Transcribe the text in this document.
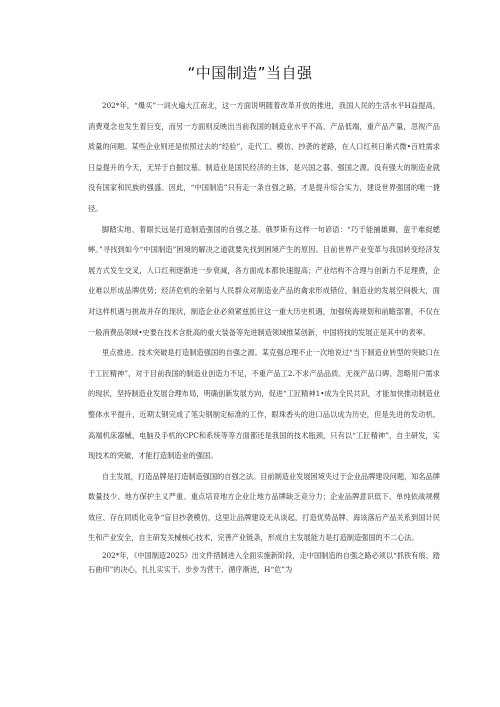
“中国制造”当自强

202*年，“爆买”一词火遍大江南北，这一方面说明随着改革开放的推进，我国人民的生活水平H益提高，消费观念也发生着巨变，而另一方面则反映出当前我国的制造业水平不高、产品低端，重产品产量，忽视产品质量的问题。某些企业则还是依照过去的“经验”，走代工、模仿、抄袭的老路，在人口红利日渐式微•百姓需求日益提升的今天，无异于自掘坟墓。制造业是国民经济的主体，是兴国之器、强国之源。没有强大的制造业就没有国家和民族的强盛。因此，“中国制造”只有走一条自强之路，才是提升综合实力，建设世界强国的唯一捷径。

脚踏实地、着眼长远是打造制造强国的自强之基。俄罗斯有这样一句谚语：“巧干能捕雄狮，蛮干难捉蟋蟀。”寻找到如今“中国制造”困境的解决之道就要先找到困境产生的原因。目前世界产业变革与我国转变经济发展方式发生交叉，人口红利逐渐进一步衰减，各方面成本都快速提高；产业结构不合理与创新力不足理费，企业难以形成品牌优势；经济危机的余韬与人民群众对制造业产品的禽求形成错位，制造业的发展空间极大，面对这样机遇与挑战并存的现状，制造企业必须紧兹抓住这一重大历史机遇，加强统海规划和前瞻部署，不仅在一般消费品领域•史要在技术含批高的重大装备等先进制造领域推某创新，中国将找的发展正是其中的表率。

里点推进、技术突破是打造制造强国的自强之源。某克强总理不止一次地说过“当下制造业转型的突破口在于工匠精神”，对于目前我国的制造业创造力不足，不重产品工2.不求产品品质、无视产品口碑、忽略用户需求的现状，坚持制造业发展合理布局，明确创新发展方向，促进“工匠精神1•成为全民共识，才能加快推动制造业整体水平提升，近期太钢完成了笔尖钢制定标准的工作，眼珠香头的进口品以成为历史，但是先进的发动机、高端机床器械、电脑及手机的CPC和系统等等方面都还是我国的技术瓶颈，只有以“工匠精神”，自主研发，实现技术的突破，才能打造制造业的强国。

自主发展，打造品牌是打造制造强国的自强之法。目前制造业发展困境夹过于企业品牌建设问题，知名品牌数量技少、地方保护主义严重、重点培育地方企业让地方品牌缺乏竞分力；企业品牌意识低下、单纯依战规模效应、存在同质化竞争“盲目抄袭模仿，这里让品牌建设无从谈起，打造优势品牌、海该落后产品关系到国计民生和产业安全，自主研发关械核心技术，完善产业链条，形成自主发展能力是打造制造强国的不二心法。

202*年，《中国制造2025》出文件措制进入全面实施新阶段，走中国制造的自强之路必须以“抓铁有痕、踏石曲印”的决心，扎扎实实干、步步为营干、循序渐进，H“危”为
